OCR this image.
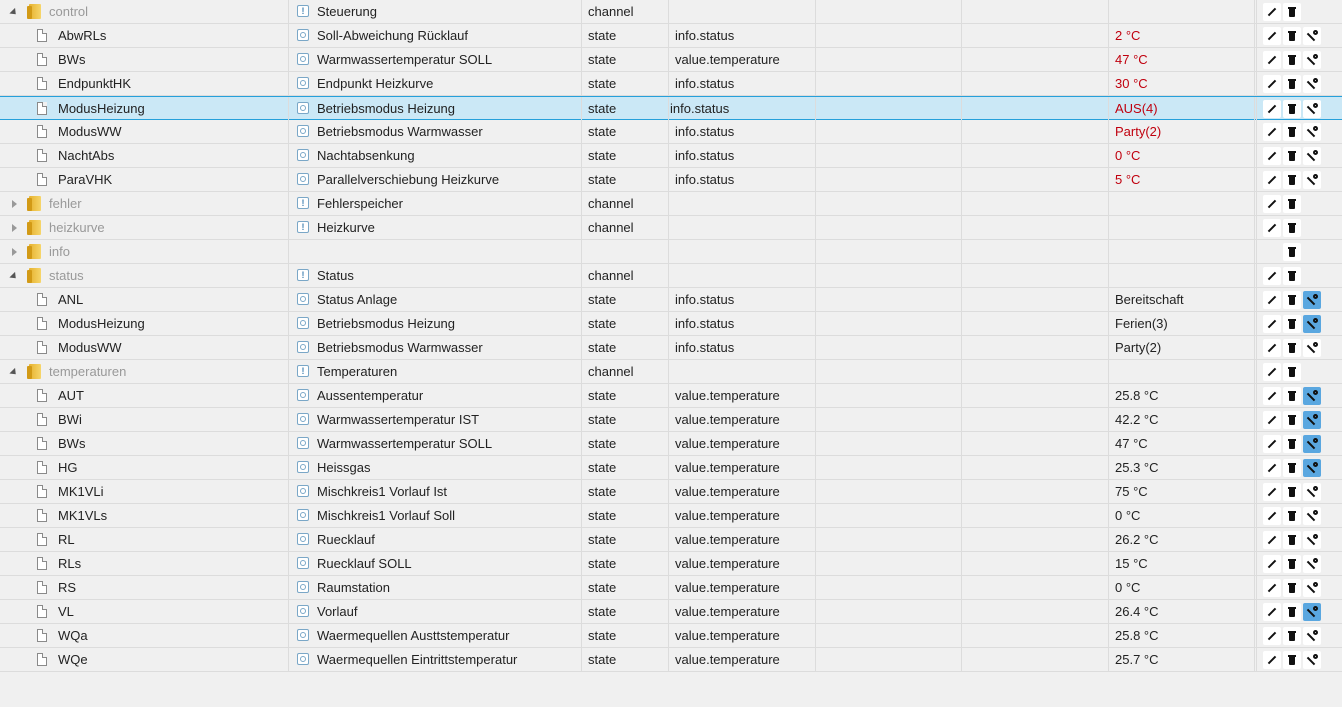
control !	Steuerung	channel
AbwRLs	Soll-Abweichung Rücklauf	state	info.status	2 °C
BWs	Warmwassertemperatur SOLL	state	value.temperature	47 °C
EndpunktHK	Endpunkt Heizkurve	state	info.status	30 °C
ModusHeizung	Betriebsmodus Heizung	state	info.status	AUS(4)
ModusWW	Betriebsmodus Warmwasser	state	info.status	Party(2)
NachtAbs	Nachtabsenkung	state	info.status	0 °C
ParaVHK	Parallelverschiebung Heizkurve	state	info.status	5 °C
fehler !	Fehlerspeicher	channel
heizkurve !	Heizkurve	channel
info
status !	Status	channel
ANL	Status Anlage	state	info.status	Bereitschaft
ModusHeizung	Betriebsmodus Heizung	state	info.status	Ferien(3)
ModusWW	Betriebsmodus Warmwasser	state	info.status	Party(2)
temperaturen !	Temperaturen	channel
AUT	Aussentemperatur	state	value.temperature	25.8 °C
BWi	Warmwassertemperatur IST	state	value.temperature	42.2 °C
BWs	Warmwassertemperatur SOLL	state	value.temperature	47 °C
HG	Heissgas	state	value.temperature	25.3 °C
MK1VLi	Mischkreis1 Vorlauf Ist	state	value.temperature	75 °C
MK1VLs	Mischkreis1 Vorlauf Soll	state	value.temperature	0 °C
RL	Ruecklauf	state	value.temperature	26.2 °C
RLs	Ruecklauf SOLL	state	value.temperature	15 °C
RS	Raumstation	state	value.temperature	0 °C
VL	Vorlauf	state	value.temperature	26.4 °C
WQa	Waermequellen Austtstemperatur	state	value.temperature	25.8 °C
WQe	Waermequellen Eintrittstemperatur	state	value.temperature	25.7 °C
